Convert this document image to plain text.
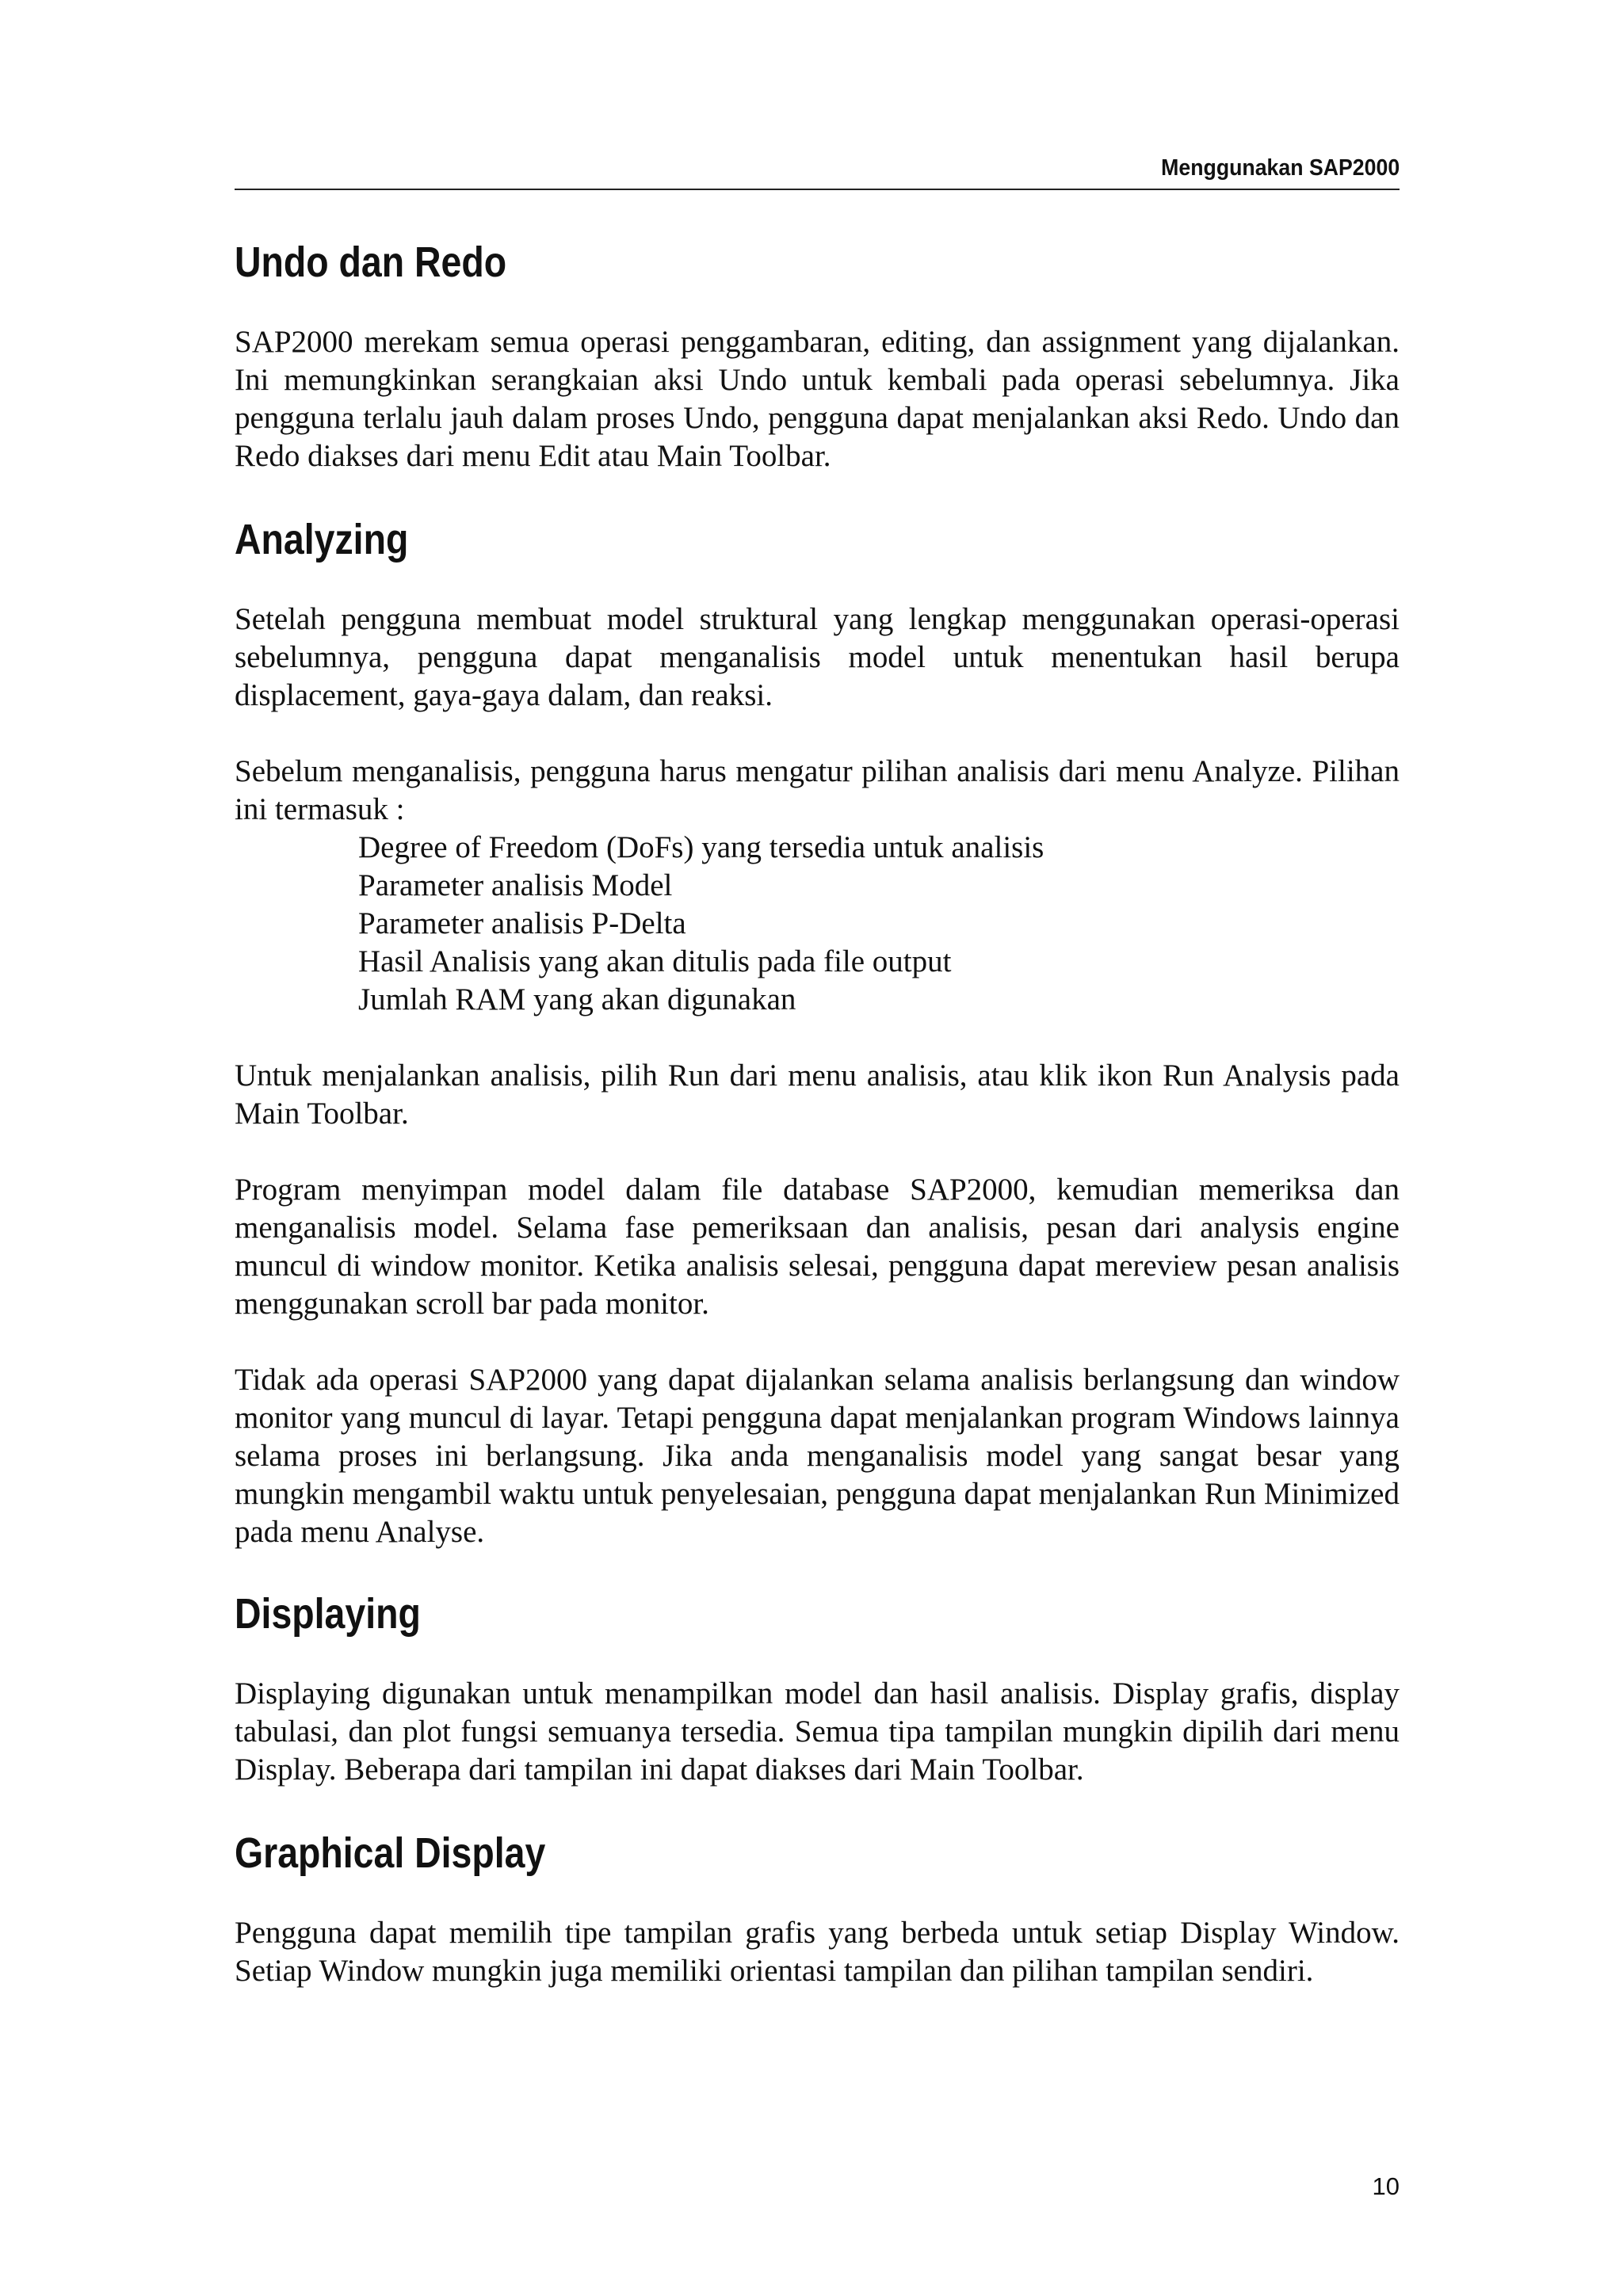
Menggunakan SAP2000
Undo dan Redo

SAP2000 merekam semua operasi penggambaran, editing, dan assignment yang dijalankan. Ini memungkinkan serangkaian aksi Undo untuk kembali pada operasi sebelumnya. Jika pengguna terlalu jauh dalam proses Undo, pengguna dapat menjalankan aksi Redo. Undo dan Redo diakses dari menu Edit atau Main Toolbar.

Analyzing

Setelah pengguna membuat model struktural yang lengkap menggunakan operasi-operasi sebelumnya, pengguna dapat menganalisis model untuk menentukan hasil berupa displacement, gaya-gaya dalam, dan reaksi.

Sebelum menganalisis, pengguna harus mengatur pilihan analisis dari menu Analyze. Pilihan ini termasuk :

Degree of Freedom (DoFs) yang tersedia untuk analisis
Parameter analisis Model
Parameter analisis P-Delta
Hasil Analisis yang akan ditulis pada file output
Jumlah RAM yang akan digunakan

Untuk menjalankan analisis, pilih Run dari menu analisis, atau klik ikon Run Analysis pada Main Toolbar.

Program menyimpan model dalam file database SAP2000, kemudian memeriksa dan menganalisis model. Selama fase pemeriksaan dan analisis, pesan dari analysis engine muncul di window monitor. Ketika analisis selesai, pengguna dapat mereview pesan analisis menggunakan scroll bar pada monitor.

Tidak ada operasi SAP2000 yang dapat dijalankan selama analisis berlangsung dan window monitor yang muncul di layar. Tetapi pengguna dapat menjalankan program Windows lainnya selama proses ini berlangsung. Jika anda menganalisis model yang sangat besar yang mungkin mengambil waktu untuk penyelesaian, pengguna dapat menjalankan Run Minimized pada menu Analyse.

Displaying

Displaying digunakan untuk menampilkan model dan hasil analisis. Display grafis, display tabulasi, dan plot fungsi semuanya tersedia. Semua tipa tampilan mungkin dipilih dari menu Display. Beberapa dari tampilan ini dapat diakses dari Main Toolbar.

Graphical Display

Pengguna dapat memilih tipe tampilan grafis yang berbeda untuk setiap Display Window. Setiap Window mungkin juga memiliki orientasi tampilan dan pilihan tampilan sendiri.

10
